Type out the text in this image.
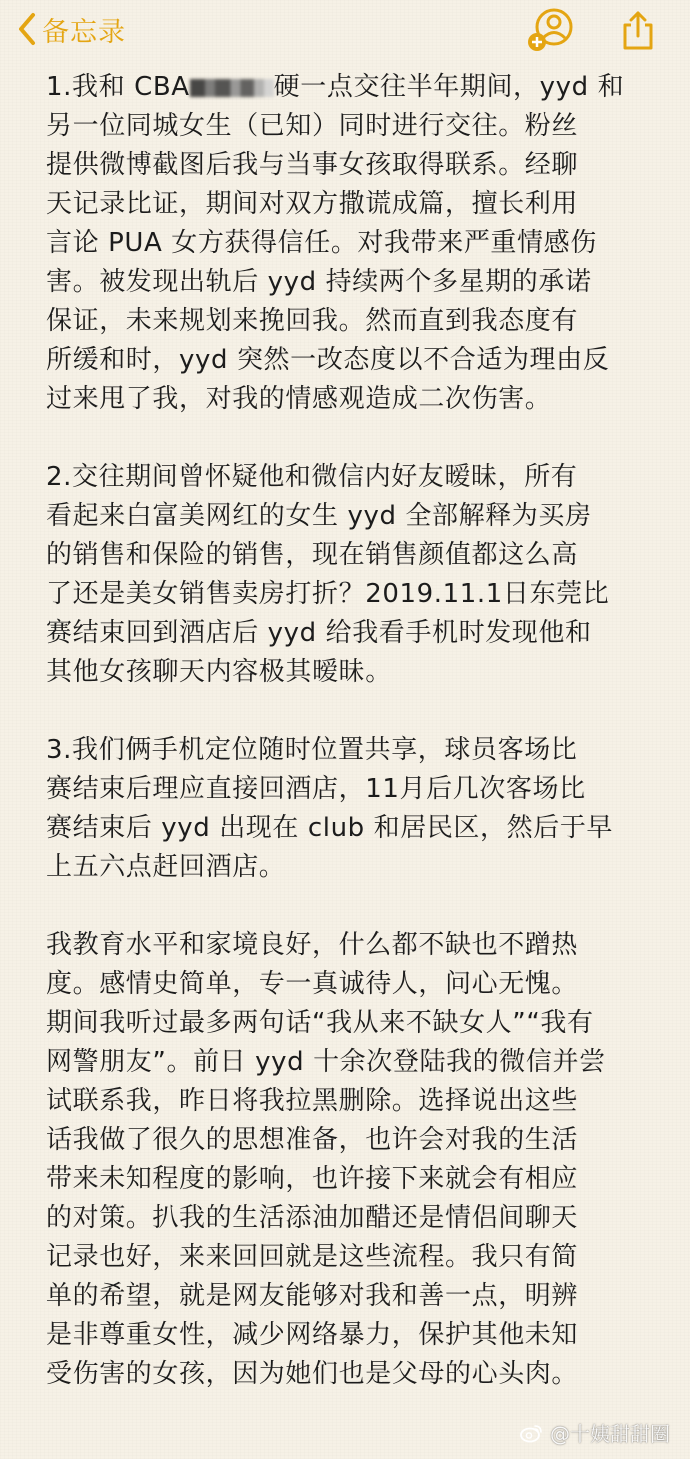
备忘录

1.我和 CBA	硬一点交往半年期间，yyd 和
另一位同城女生（已知）同时进行交往。粉丝
提供微博截图后我与当事女孩取得联系。经聊
天记录比证，期间对双方撒谎成篇，擅长利用
言论 PUA 女方获得信任。对我带来严重情感伤
害。被发现出轨后 yyd 持续两个多星期的承诺
保证，未来规划来挽回我。然而直到我态度有
所缓和时，yyd 突然一改态度以不合适为理由反
过来甩了我，对我的情感观造成二次伤害。

2.交往期间曾怀疑他和微信内好友暧昧，所有
看起来白富美网红的女生 yyd 全部解释为买房
的销售和保险的销售，现在销售颜值都这么高
了还是美女销售卖房打折？2019.11.1日东莞比
赛结束回到酒店后 yyd 给我看手机时发现他和
其他女孩聊天内容极其暧昧。

3.我们俩手机定位随时位置共享，球员客场比
赛结束后理应直接回酒店，11月后几次客场比
赛结束后 yyd 出现在 club 和居民区，然后于早
上五六点赶回酒店。

我教育水平和家境良好，什么都不缺也不蹭热
度。感情史简单，专一真诚待人，问心无愧。
期间我听过最多两句话“我从来不缺女人”“我有
网警朋友”。前日 yyd 十余次登陆我的微信并尝
试联系我，昨日将我拉黑删除。选择说出这些
话我做了很久的思想准备，也许会对我的生活
带来未知程度的影响，也许接下来就会有相应
的对策。扒我的生活添油加醋还是情侣间聊天
记录也好，来来回回就是这些流程。我只有简
单的希望，就是网友能够对我和善一点，明辨
是非尊重女性，减少网络暴力，保护其他未知
受伤害的女孩，因为她们也是父母的心头肉。

@十姨甜甜圈
